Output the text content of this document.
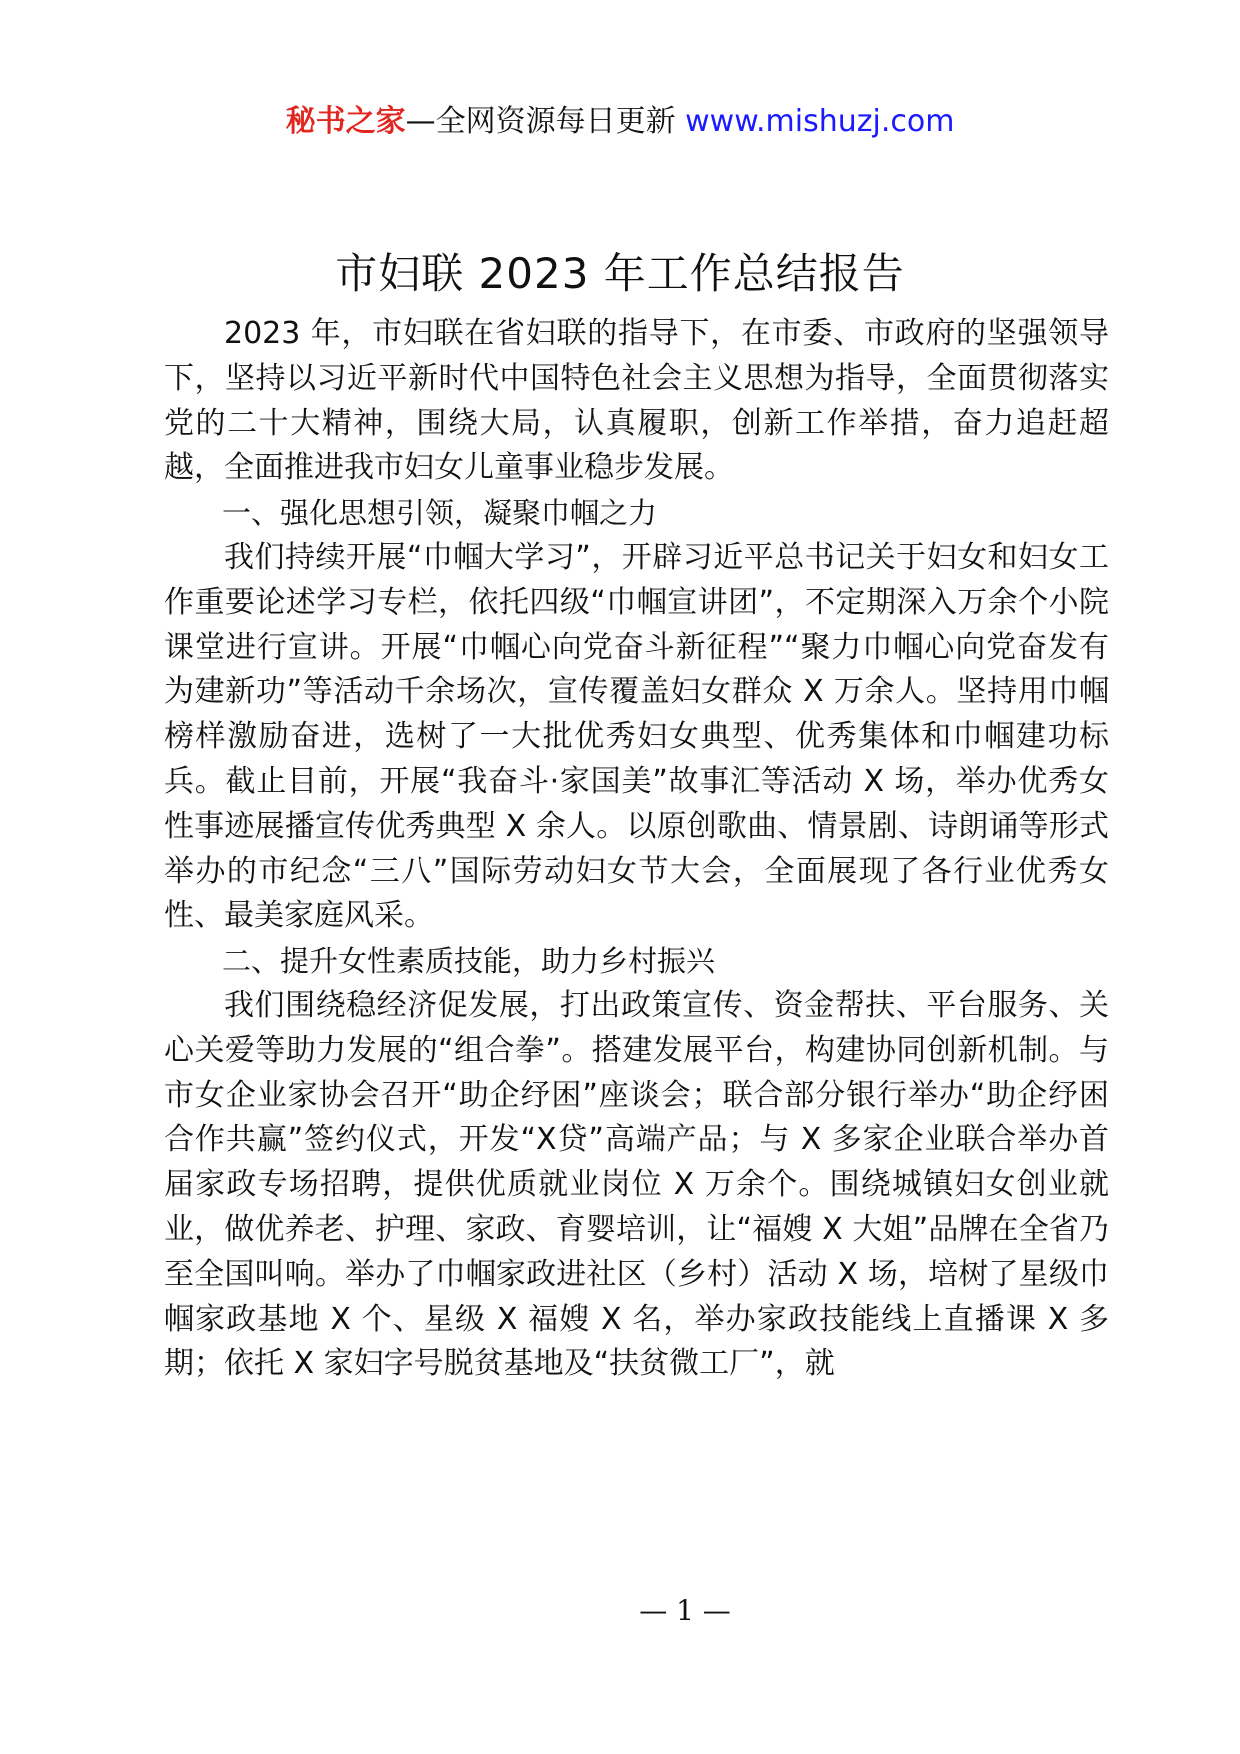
秘书之家—全网资源每日更新 www.mishuzj.com
市妇联 2023 年工作总结报告

2023 年，市妇联在省妇联的指导下，在市委、市政府的坚强领导下，坚持以习近平新时代中国特色社会主义思想为指导，全面贯彻落实党的二十大精神，围绕大局，认真履职，创新工作举措，奋力追赶超越，全面推进我市妇女儿童事业稳步发展。

一、强化思想引领，凝聚巾帼之力

我们持续开展“巾帼大学习”，开辟习近平总书记关于妇女和妇女工作重要论述学习专栏，依托四级“巾帼宣讲团”，不定期深入万余个小院课堂进行宣讲。开展“巾帼心向党奋斗新征程”“聚力巾帼心向党奋发有为建新功”等活动千余场次，宣传覆盖妇女群众 X 万余人。坚持用巾帼榜样激励奋进，选树了一大批优秀妇女典型、优秀集体和巾帼建功标兵。截止目前，开展“我奋斗·家国美”故事汇等活动 X 场，举办优秀女性事迹展播宣传优秀典型 X 余人。以原创歌曲、情景剧、诗朗诵等形式举办的市纪念“三八”国际劳动妇女节大会，全面展现了各行业优秀女性、最美家庭风采。

二、提升女性素质技能，助力乡村振兴

我们围绕稳经济促发展，打出政策宣传、资金帮扶、平台服务、关心关爱等助力发展的“组合拳”。搭建发展平台，构建协同创新机制。与市女企业家协会召开“助企纾困”座谈会；联合部分银行举办“助企纾困合作共赢”签约仪式，开发“X贷”高端产品；与 X 多家企业联合举办首届家政专场招聘，提供优质就业岗位 X 万余个。围绕城镇妇女创业就业，做优养老、护理、家政、育婴培训，让“福嫂 X 大姐”品牌在全省乃至全国叫响。举办了巾帼家政进社区（乡村）活动 X 场，培树了星级巾帼家政基地 X 个、星级 X 福嫂 X 名，举办家政技能线上直播课 X 多期；依托 X 家妇字号脱贫基地及“扶贫微工厂”，就

— 1 —
